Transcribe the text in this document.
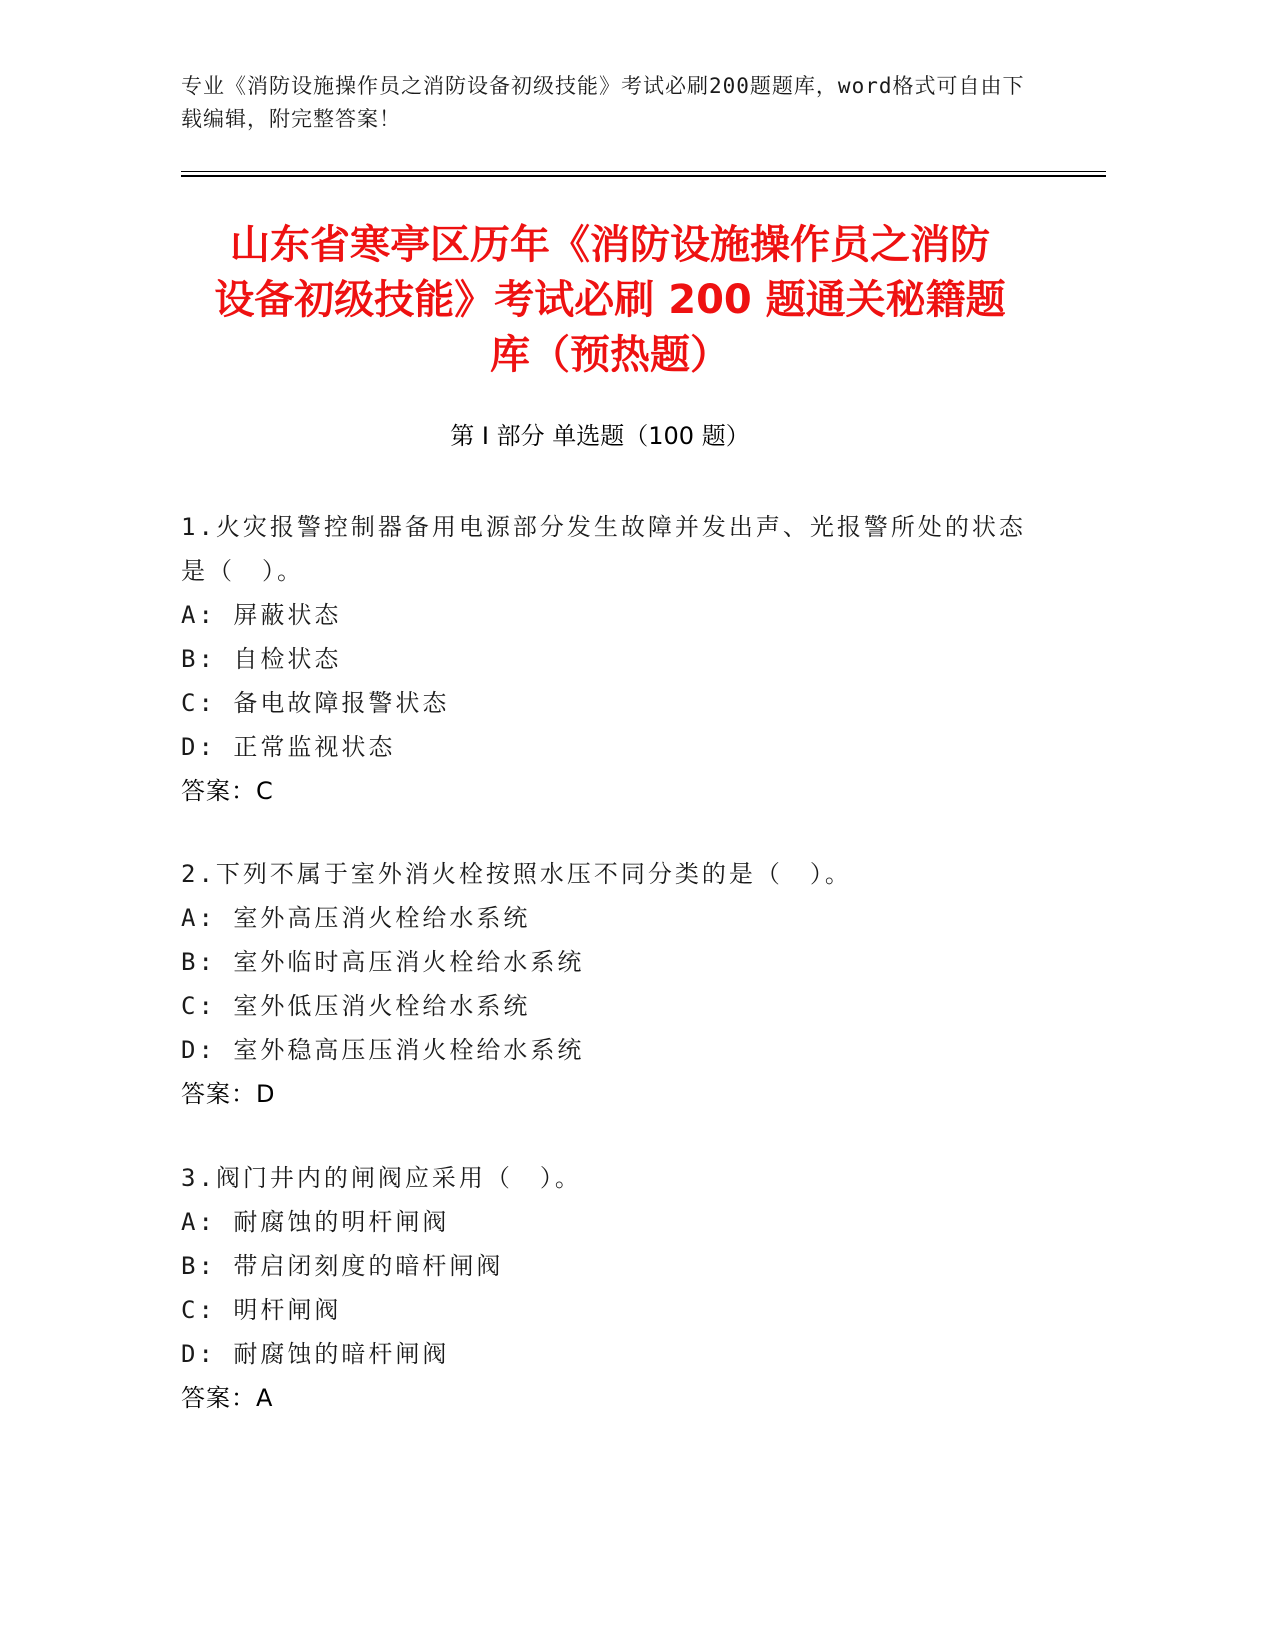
专业《消防设施操作员之消防设备初级技能》考试必刷200题题库，word格式可自由下载编辑，附完整答案！
山东省寒亭区历年《消防设施操作员之消防
设备初级技能》考试必刷 200 题通关秘籍题
库（预热题）
第 I 部分 单选题（100 题）

1.火灾报警控制器备用电源部分发生故障并发出声、光报警所处的状态是（　）。

A: 屏蔽状态

B: 自检状态

C: 备电故障报警状态

D: 正常监视状态

答案：C

2.下列不属于室外消火栓按照水压不同分类的是（　）。

A: 室外高压消火栓给水系统

B: 室外临时高压消火栓给水系统

C: 室外低压消火栓给水系统

D: 室外稳高压压消火栓给水系统

答案：D

3.阀门井内的闸阀应采用（　）。

A: 耐腐蚀的明杆闸阀

B: 带启闭刻度的暗杆闸阀

C: 明杆闸阀

D: 耐腐蚀的暗杆闸阀

答案：A
